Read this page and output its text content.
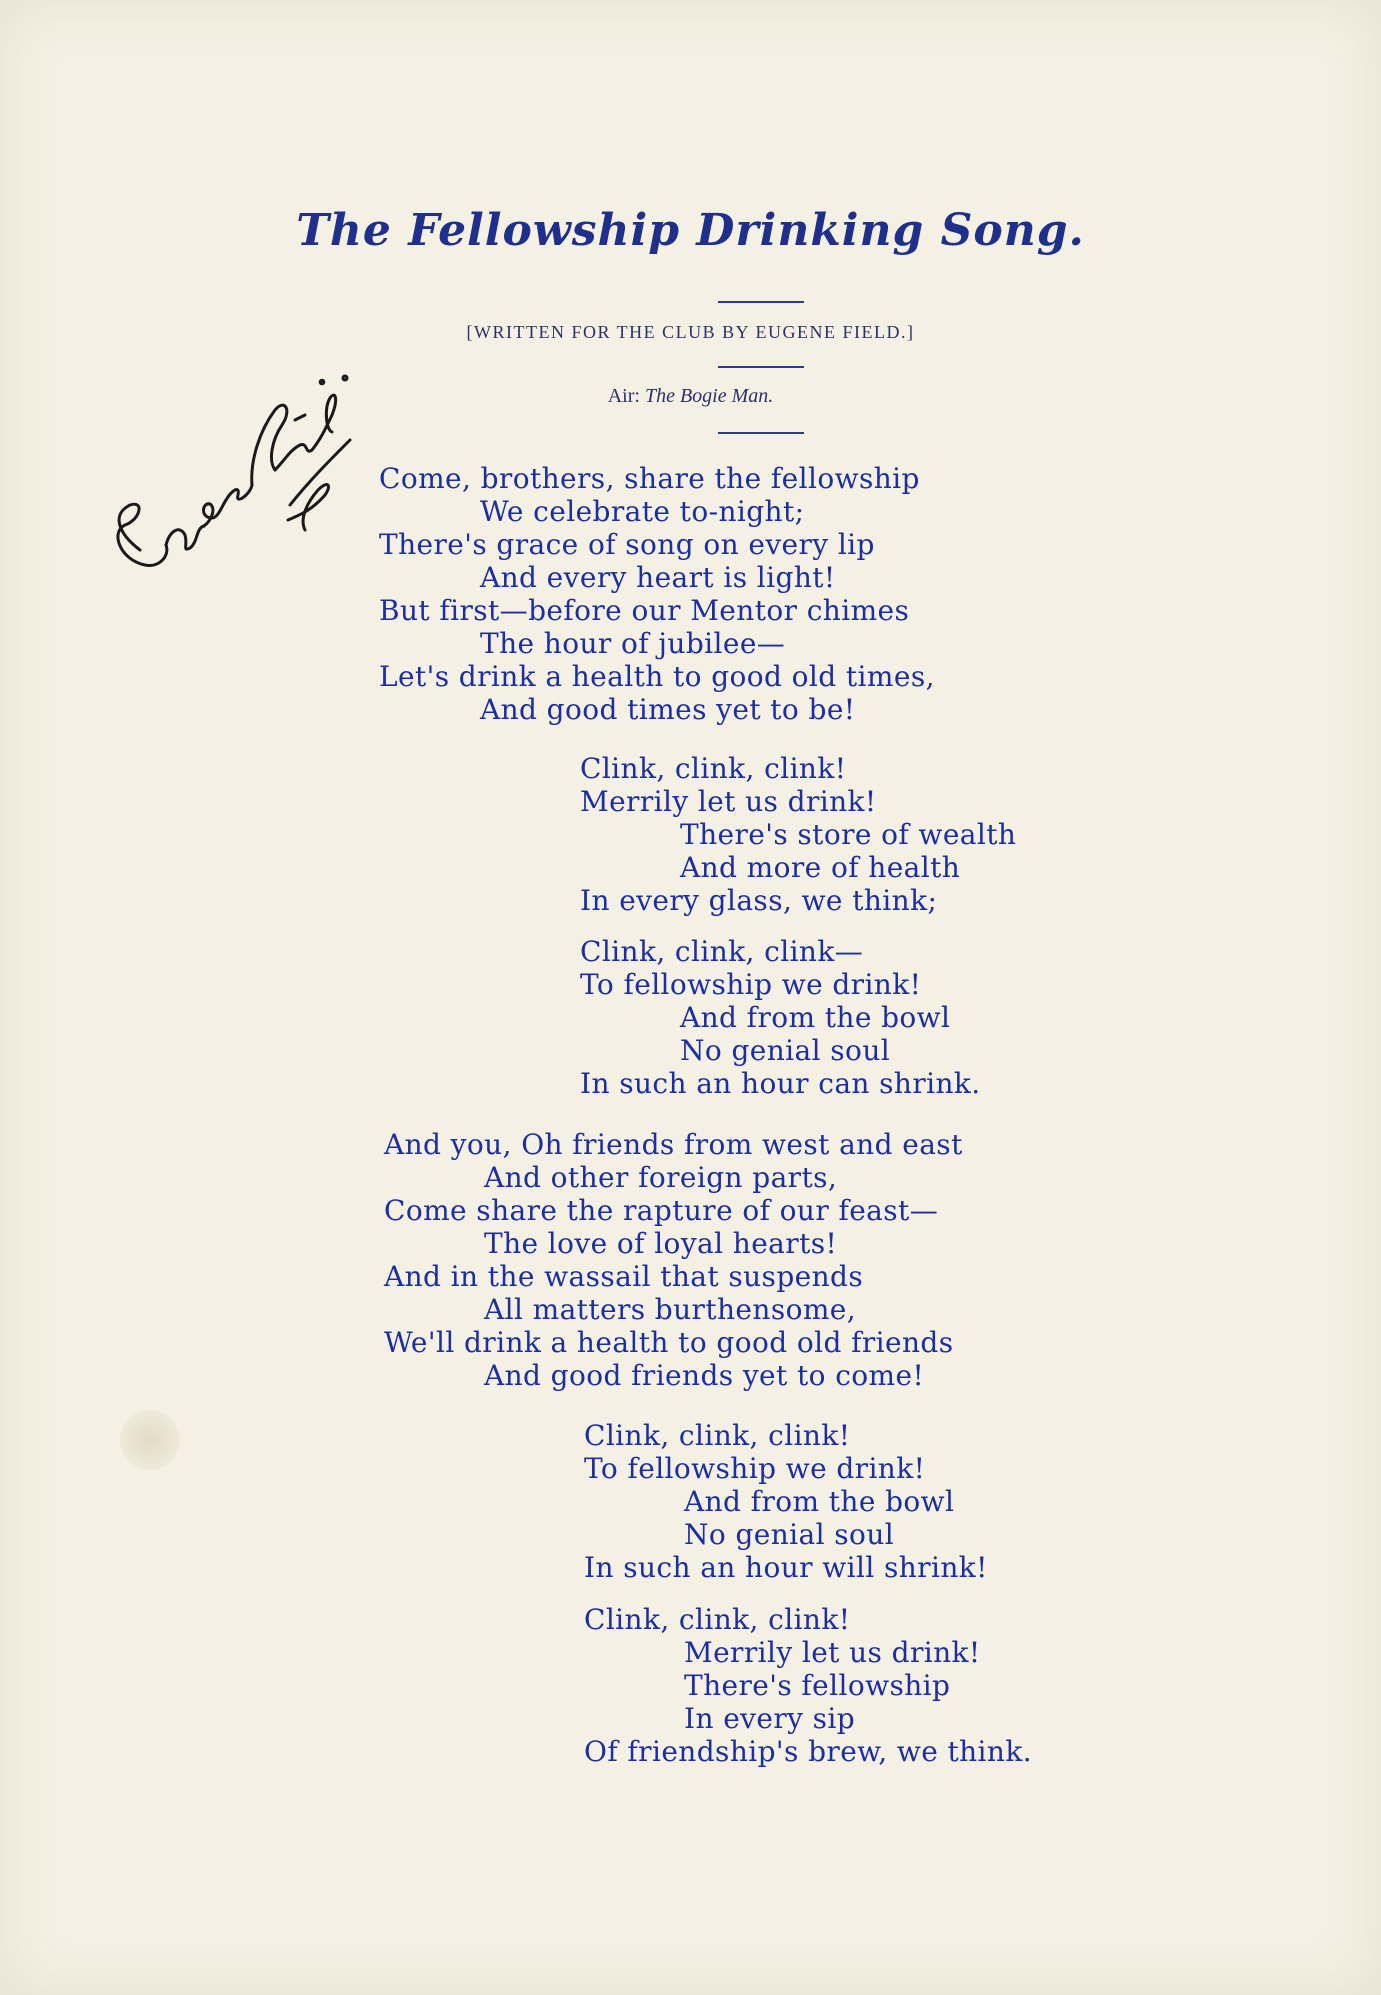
The Fellowship Drinking Song.
[WRITTEN FOR THE CLUB BY EUGENE FIELD.]
Air: The Bogie Man.
Come, brothers, share the fellowship
We celebrate to-night;
There's grace of song on every lip
And every heart is light!
But first—before our Mentor chimes
The hour of jubilee—
Let's drink a health to good old times,
And good times yet to be!
Clink, clink, clink!
Merrily let us drink!
There's store of wealth
And more of health
In every glass, we think;
Clink, clink, clink—
To fellowship we drink!
And from the bowl
No genial soul
In such an hour can shrink.
And you, Oh friends from west and east
And other foreign parts,
Come share the rapture of our feast—
The love of loyal hearts!
And in the wassail that suspends
All matters burthensome,
We'll drink a health to good old friends
And good friends yet to come!
Clink, clink, clink!
To fellowship we drink!
And from the bowl
No genial soul
In such an hour will shrink!
Clink, clink, clink!
Merrily let us drink!
There's fellowship
In every sip
Of friendship's brew, we think.
